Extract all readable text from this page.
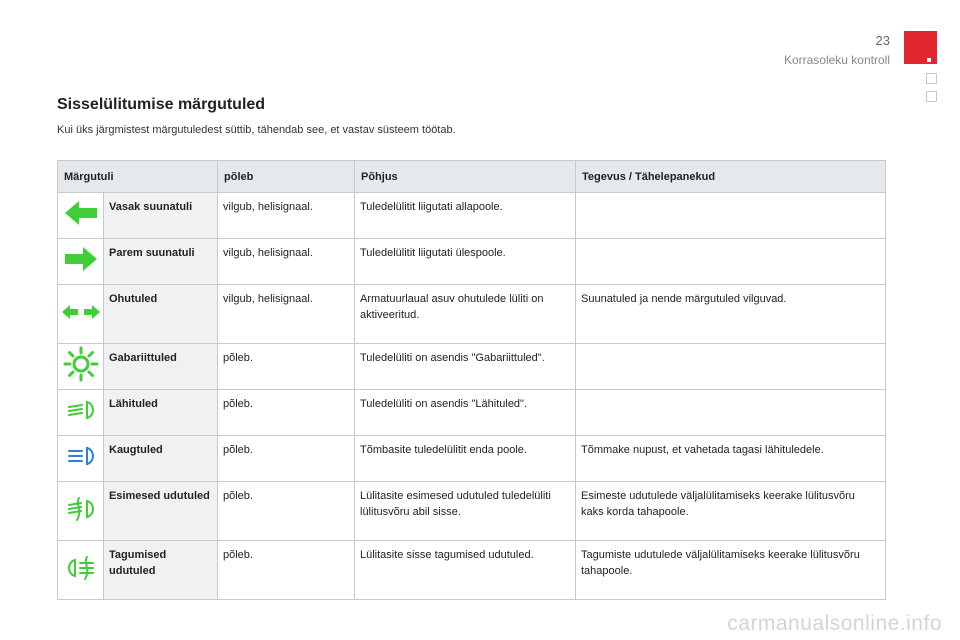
23
Korrasoleku kontroll
Sisselülitumise märgutuled
Kui üks järgmistest märgutuledest süttib, tähendab see, et vastav süsteem töötab.
Märgutuli		põleb	Põhjus	Tegevus / Tähelepanekud
	Vasak suunatuli	vilgub, helisignaal.	Tuledelülitit liigutati allapoole.	
	Parem suunatuli	vilgub, helisignaal.	Tuledelülitit liigutati ülespoole.	
	Ohutuled	vilgub, helisignaal.	Armatuurlaual asuv ohutulede lüliti on aktiveeritud.	Suunatuled ja nende märgutuled vilguvad.
	Gabariittuled	põleb.	Tuledelüliti on asendis "Gabariittuled".	
	Lähituled	põleb.	Tuledelüliti on asendis "Lähituled".	
	Kaugtuled	põleb.	Tõmbasite tuledelülitit enda poole.	Tõmmake nupust, et vahetada tagasi lähituledele.
	Esimesed udutuled	põleb.	Lülitasite esimesed udutuled tuledelüliti lülitusvõru abil sisse.	Esimeste udutulede väljalülitamiseks keerake lülitusvõru kaks korda tahapoole.
	Tagumised udutuled	põleb.	Lülitasite sisse tagumised udutuled.	Tagumiste udutulede väljalülitamiseks keerake lülitusvõru tahapoole.
carmanualsonline.info
